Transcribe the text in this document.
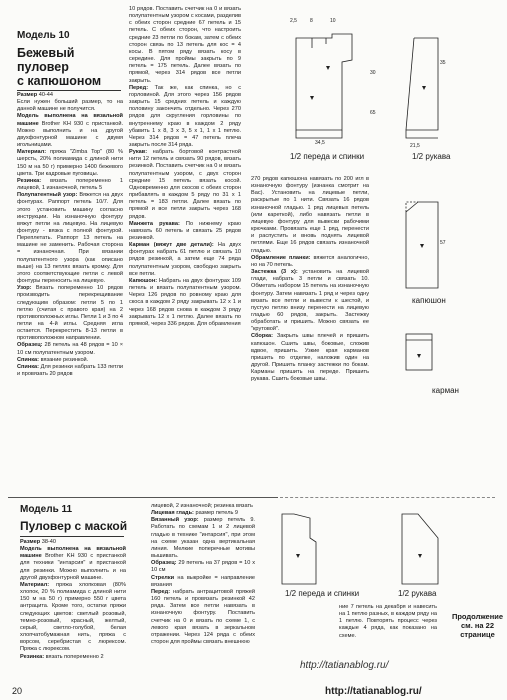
Модель 10
Бежевый
пуловер
с капюшоном

Размер 40-44

Если нужен больший размер, то на данной машине не получится.

Модель выполнена на вязальной машине Brother KH 930 с пристанкой. Можно выполнить и на другой двухфонтурной машине с двумя игольницами.

Материал: пряжа "Zimba Top" (80 % шерсть, 20% полиамида с длиной нити 150 м на 50 г) примерно 1400 бежевого цвета. Три кадровые пуговицы.

Резинка: вязать попеременно 1 лицевой, 1 изнаночной, петель 5

Полупатентный узор: Вяжется на двух фонтурах. Раппорт петель 10/7. Для этого установить машину согласно инструкции. На изнаночную фонтуру вяжут петли на лицевую. На лицевую фонтуру - вязка с полной фонтурой. Переплетать. Раппорт 13 петель на машине не заменить. Рабочая сторона = изнаночная. При вязании полупатентного узора (как описано выше) на 13 петлях вязать кромку. Для этого соответствующие петли с левой фонтуры переносить на лицевую.

Узор: Вязать попеременно 10 рядов производить перекрещивание следующим образом: петли 5 по 1 петлю (считая с правого края) на 2 противоположных иглы. Петли 1 и 3 по 4 петли на 4-й иглы. Средняя игла остается. Перекрестить 8-13 петли в противоположном направлении.

Образец: 28 петель на 48 рядов = 10 × 10 см полупатентным узором.

Спинка: вязание резинкой.

Спинка: Для резинки набрать 133 петли и провязать 20 рядов

10 рядов. Поставить счетчик на 0 и вязать полупатентным узором с косами, разделив с обеих сторон средние 67 петель и 15 петель. С обеих сторон, что настроить средние 23 петли по бокам, затем с обеих сторон связь по 13 петель для кос = 4 косы. В пятом ряду вязать косу в середине. Для проймы закрыть по 9 петель = 175 петель. Далее вязать по прямой, через 314 рядов все петли закрыть.

Перед: Так же, как спинка, но с горловиной. Для этого через 156 рядов закрыть 15 средних петель и каждую половину закончить отдельно. Через 270 рядов для скругления горловины по внутреннему краю в каждом 2 ряду убавить 1 х 8, 3 х 3, 5 х 1, 1 х 1 петлю. Через 314 рядов = 47 петель плеча закрыть после 314 ряда.

Рукав: набрать бортовой контрастной нити 12 петель и связать 90 рядов, вязать резинкой. Поставить счетчик на 0 и вязать полупатентным узором, с двух сторон средние 15 петель вязать косой. Одновременно для скосов с обеих сторон прибавлять в каждом 5 ряду по 31 х 1 петель = 183 петли. Далее вязать по прямой и все петли закрыть через 168 рядов.

Манжета рукава: По нижнему краю навязать 60 петель и связать 25 рядов резинкой.

Карман (вяжут две детали): На двух фонтурах набрать 61 петлю и связать 10 рядов резинкой, а затем еще 74 ряда полупатентным узором, свободно закрыть все петли.

Капюшон: Набрать на двух фонтурах 109 петель и вязать полупатентным узором. Через 126 рядов по ровному краю для скоса в каждом 2 ряду закрывать 12 х 1 и через 168 рядов снова в каждом 3 ряду закрывать 12 х 1 петлю. Далее вязать по прямой, через 336 рядов. Для обрамления

270 рядов капюшона навязать по 200 игл в изнаночную фонтуру (изнанка смотрит на Вас). Установить на лицевые петли, раскрытые по 1 нити. Связать 16 рядов изнаночной гладью. 1 ряд лицевых петель (или кареткой), либо навязать петли в лицевую фонтуру для вывески рабочими крючками. Провязать еще 1 ряд, перенести и распустить и вновь поднять лицевой петлями. Еще 16 рядов связать изнаночной гладью.

Обрамление планки: вяжется аналогично, но на 70 петель.

Застежка (3 х): установить на лицевой глади, набрать 3 петли и связать 10. Обметать набором 15 петель на изнаночную фонтуру. Затем навязать 1 ряд и через одну вязать все петли и вывести к шестой, и пустую петлю внизу перенести на лицевую гладью 60 рядов, закрыть. Застежку обработать и пришить. Можно связать ее "крутовой".

Сборка: Закрыть швы плечей и пришить капюшон. Сшить швы, боковые, сложив вдвое, пришить. Узкие края карманов пришить по отделке, наложив один на другой. Пришить планку застежки по бокам. Карманы пришить на переде. Пришить рукава. Сшить боковые швы.

1/2 переда и спинки	1/2 рукава
капюшон
карман
2,5	8	10
30
65
34,5
35
21,5
57
Модель 11
Пуловер с маской

Размер 38-40

Модель выполнена на вязальной машине Brother KH 930 с пристанкой для техники "интарсия" и пристанкой для резинки. Можно выполнить и на другой двухфонтурной машине.

Материал: пряжа хлопковая (80% хлопок, 20 % полиамида с длиной нити 150 м на 50 г) примерно 550 г цвета антрацита. Кроме того, остатки пряжи следующих цветов: светлый розовый, темно-розовый, красный, желтый, серый, светло-голубой, белая хлопчатобумажная нить, пряжа с ворсом, серебристая с люрексом. Пряжа с люрексом.

Резинка: вязать попеременно 2

лицевой, 2 изнаночной; резинка вязать

Лицевая гладь: размер петель 9

Вязанный узор: размер петель 9. Работать по схемам 1 и 2 лицевой гладью в технике "интарсия", при этом на схеме указан одна вертикальная линия. Мелкие поперечные мотивы вышивать.

Образец: 29 петель на 37 рядов = 10 х 10 см

Стрелки на выкройке = направление вязания

Перед: набрать антрацитовой пряжей 160 петель и провязать резинкой 42 ряда. Затем все петли навязать в изнаночную фонтуру. Поставить счетчик на 0 и вязать по схеме 1, с левого края вязать в зеркальном отражении. Через 124 ряда с обеих сторон для проймы связать внешнюю

ние 7 петель на декабря и навесить на 1 петлю разных, в каждом ряду на 1 петлю. Повторять процесс через каждые 4 ряда, как показано на схеме.

1/2 переда и спинки	1/2 рукава
Продолжение
см. на 22 странице
20
http://tatianablog.ru/
http://tatianablog.ru/
